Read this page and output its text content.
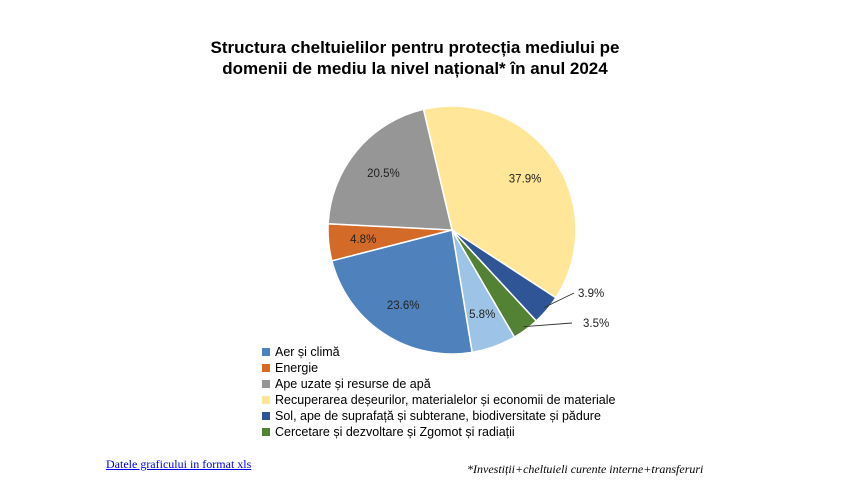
Structura cheltuielilor pentru protecția mediului pe
domenii de mediu la nivel național* în anul 2024
37.9%
3.9%
3.5%
5.8%
23.6%
4.8%
20.5%
Aer și climă
Energie
Ape uzate și resurse de apă
Recuperarea deșeurilor, materialelor și economii de materiale
Sol, ape de suprafață și subterane, biodiversitate și pădure
Cercetare și dezvoltare și Zgomot și radiații
Datele graficului in format xls	*Investiții+cheltuieli curente interne+transferuri
